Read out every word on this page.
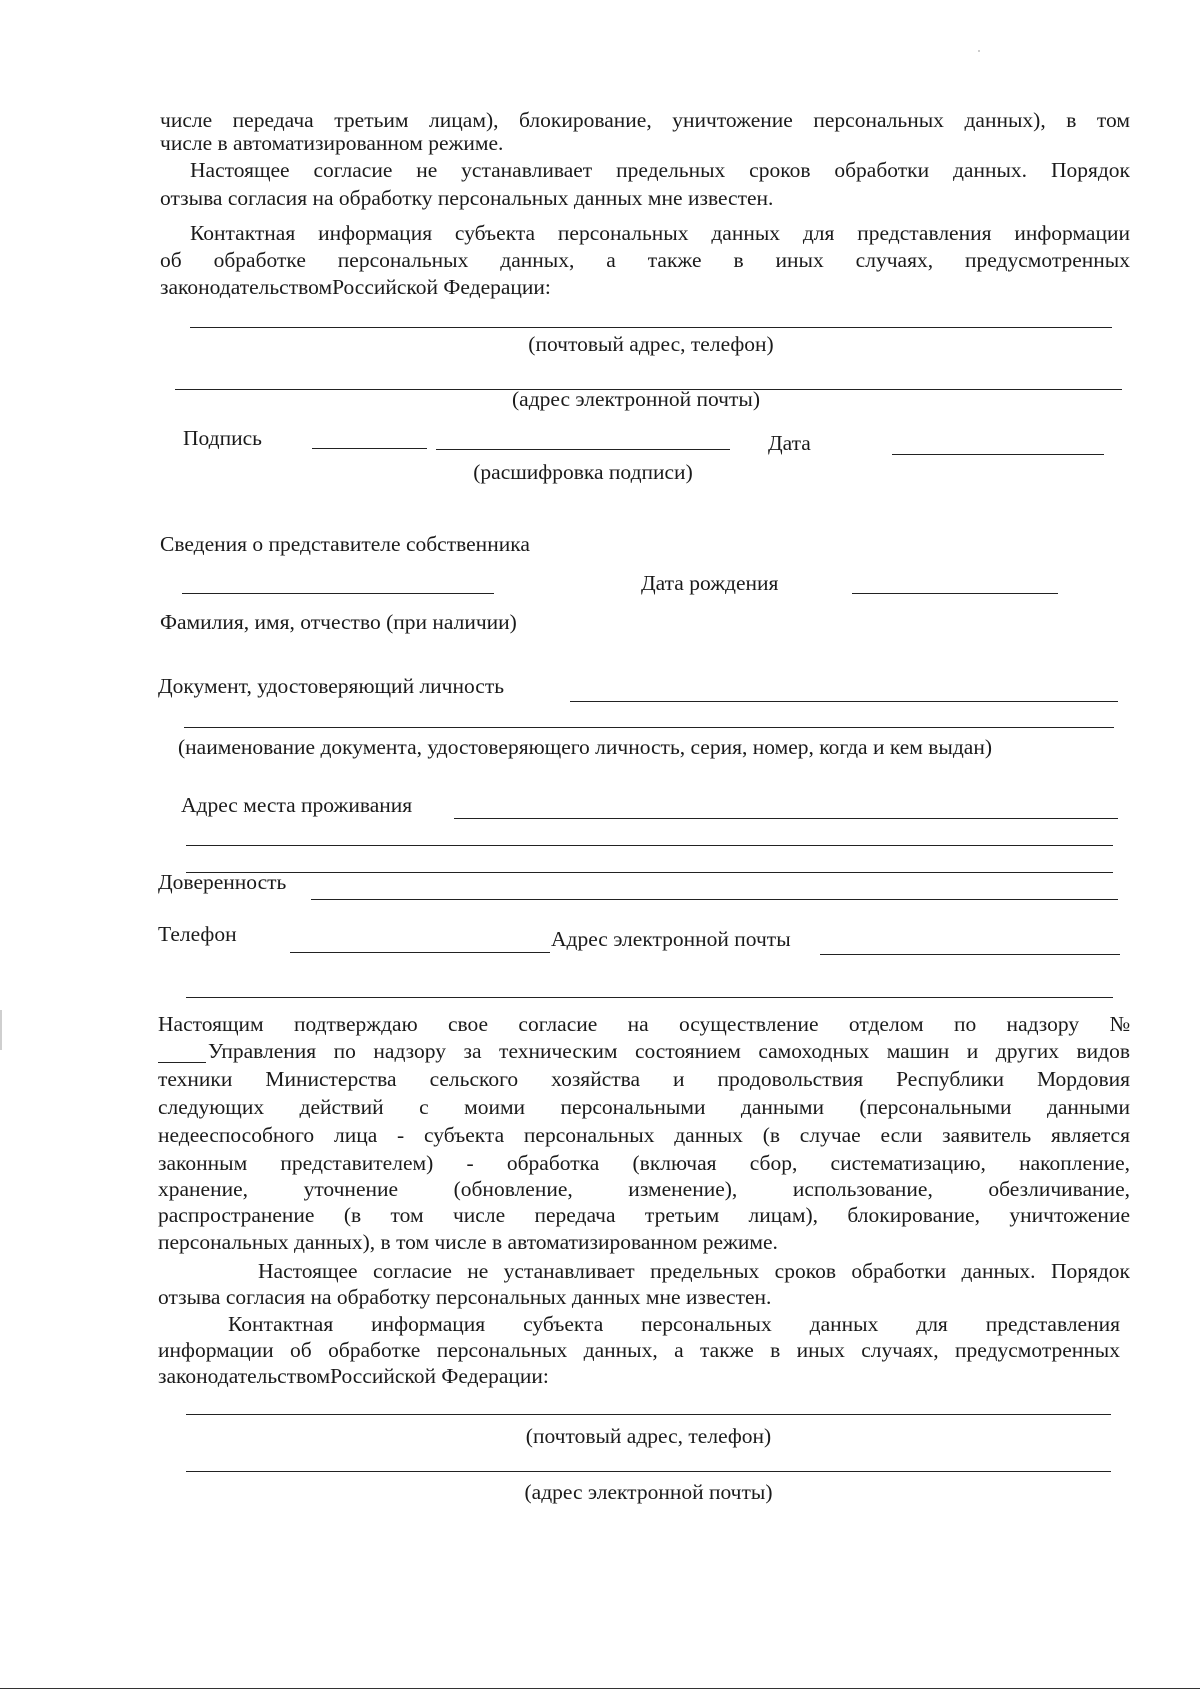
числе передача третьим лицам), блокирование, уничтожение персональных данных), в том
числе в автоматизированном режиме.
Настоящее согласие не устанавливает предельных сроков обработки данных. Порядок
отзыва согласия на обработку персональных данных мне известен.
Контактная информация субъекта персональных данных для представления информации
об обработке персональных данных, а также в иных случаях, предусмотренных
законодательствомРоссийской Федерации:
(почтовый адрес, телефон)
(адрес электронной почты)
Подпись	Дата
(расшифровка подписи)
Сведения о представителе собственника
Дата рождения
Фамилия, имя, отчество (при наличии)
Документ, удостоверяющий личность
(наименование документа, удостоверяющего личность, серия, номер, когда и кем выдан)
Адрес места проживания
Доверенность
Телефон	Адрес электронной почты
Настоящим подтверждаю свое согласие на осуществление отделом по надзору №
Управления по надзору за техническим состоянием самоходных машин и других видов
техники Министерства сельского хозяйства и продовольствия Республики Мордовия
следующих действий с моими персональными данными (персональными данными
недееспособного лица - субъекта персональных данных (в случае если заявитель является
законным представителем) - обработка (включая сбор, систематизацию, накопление,
хранение, уточнение (обновление, изменение), использование, обезличивание,
распространение (в том числе передача третьим лицам), блокирование, уничтожение
персональных данных), в том числе в автоматизированном режиме.
Настоящее согласие не устанавливает предельных сроков обработки данных. Порядок
отзыва согласия на обработку персональных данных мне известен.
Контактная информация субъекта персональных данных для представления
информации об обработке персональных данных, а также в иных случаях, предусмотренных
законодательствомРоссийской Федерации:
(почтовый адрес, телефон)
(адрес электронной почты)
